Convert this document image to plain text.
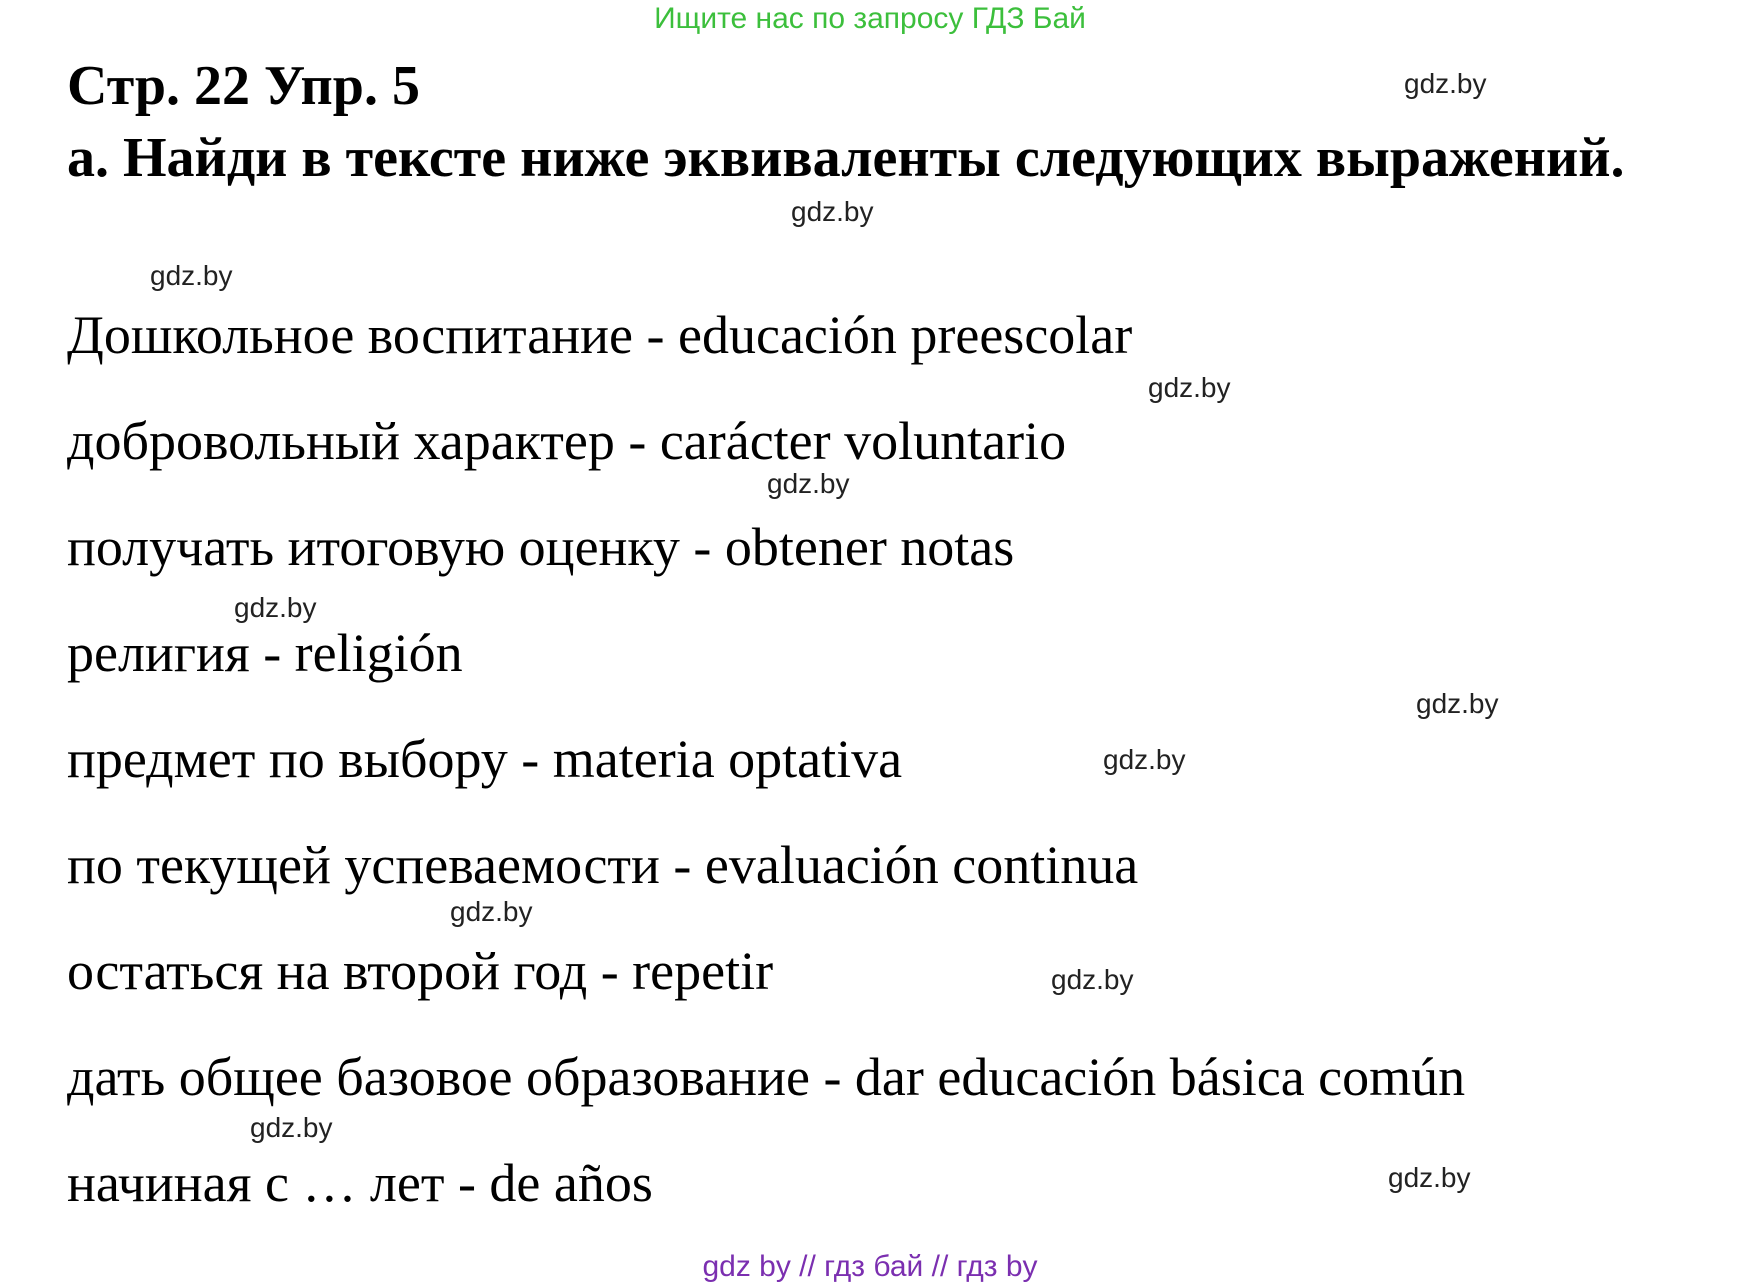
Ищите нас по запросу ГДЗ Бай
Стр. 22 Упр. 5
а. Найди в тексте ниже эквиваленты следующих выражений.
gdz.by
gdz.by
gdz.by
Дошкольное воспитание - educación preescolar
gdz.by
добровольный характер - carácter voluntario
gdz.by
получать итоговую оценку - obtener notas
gdz.by
религия - religión
gdz.by
предмет по выбору - materia optativa	gdz.by
по текущей успеваемости - evaluación continua
gdz.by
остаться на второй год - repetir	gdz.by
дать общее базовое образование - dar educación básica común
gdz.by
начиная с … лет - de años	gdz.by
gdz by // гдз бай // гдз by
